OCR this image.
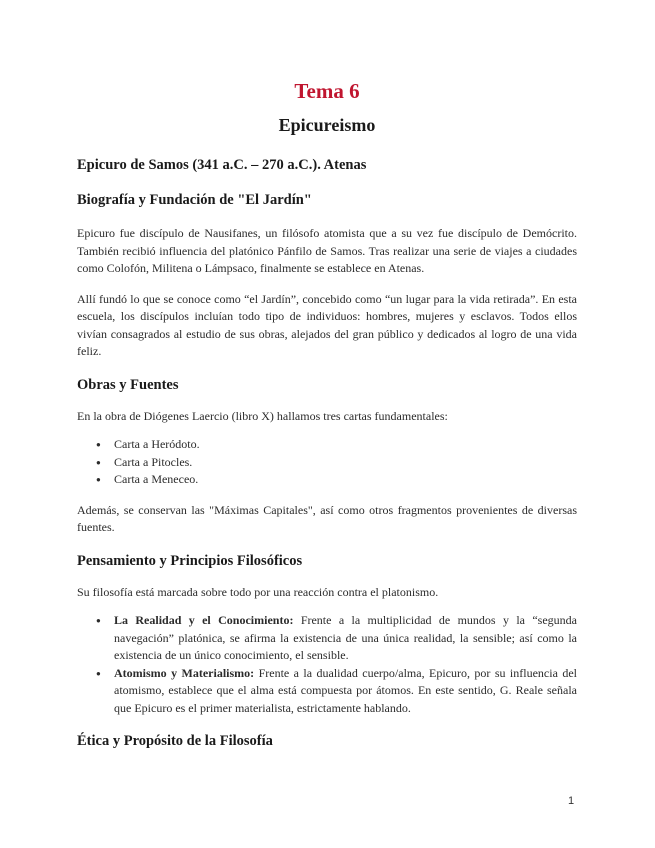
Tema 6
Epicureismo
Epicuro de Samos (341 a.C. – 270 a.C.). Atenas
Biografía y Fundación de "El Jardín"

Epicuro fue discípulo de Nausifanes, un filósofo atomista que a su vez fue discípulo de Demócrito. También recibió influencia del platónico Pánfilo de Samos. Tras realizar una serie de viajes a ciudades como Colofón, Militena o Lámpsaco, finalmente se establece en Atenas.

Allí fundó lo que se conoce como “el Jardín”, concebido como “un lugar para la vida retirada”. En esta escuela, los discípulos incluían todo tipo de individuos: hombres, mujeres y esclavos. Todos ellos vivían consagrados al estudio de sus obras, alejados del gran público y dedicados al logro de una vida feliz.

Obras y Fuentes

En la obra de Diógenes Laercio (libro X) hallamos tres cartas fundamentales:

● Carta a Heródoto.
● Carta a Pitocles.
● Carta a Meneceo.

Además, se conservan las "Máximas Capitales", así como otros fragmentos provenientes de diversas fuentes.

Pensamiento y Principios Filosóficos

Su filosofía está marcada sobre todo por una reacción contra el platonismo.

● La Realidad y el Conocimiento: Frente a la multiplicidad de mundos y la “segunda navegación” platónica, se afirma la existencia de una única realidad, la sensible; así como la existencia de un único conocimiento, el sensible.
● Atomismo y Materialismo: Frente a la dualidad cuerpo/alma, Epicuro, por su influencia del atomismo, establece que el alma está compuesta por átomos. En este sentido, G. Reale señala que Epicuro es el primer materialista, estrictamente hablando.
Ética y Propósito de la Filosofía
1
